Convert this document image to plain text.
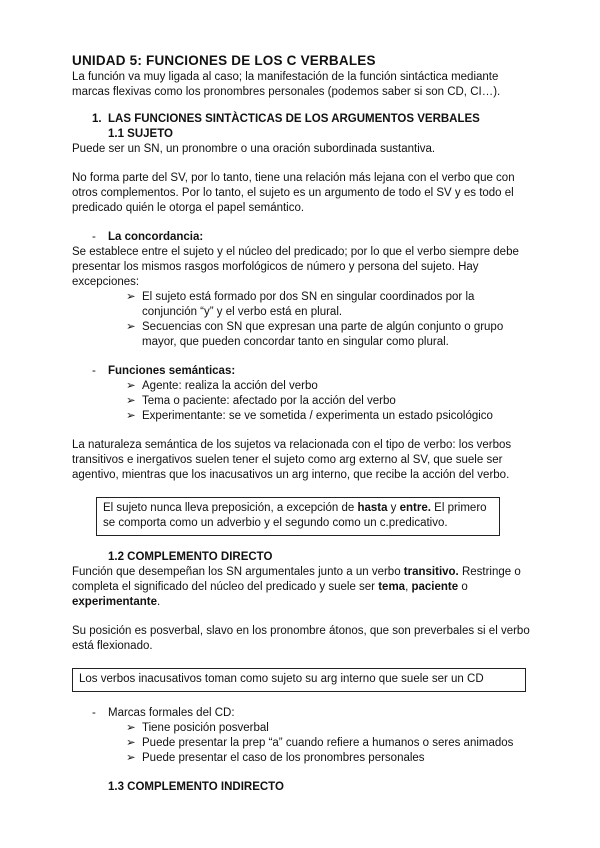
UNIDAD 5: FUNCIONES DE LOS C VERBALES

La función va muy ligada al caso; la manifestación de la función sintáctica mediante marcas flexivas como los pronombres personales (podemos saber si son CD, CI…).

1. LAS FUNCIONES SINTÀCTICAS DE LOS ARGUMENTOS VERBALES
1.1 SUJETO

Puede ser un SN, un pronombre o una oración subordinada sustantiva.

No forma parte del SV, por lo tanto, tiene una relación más lejana con el verbo que con otros complementos. Por lo tanto, el sujeto es un argumento de todo el SV y es todo el predicado quién le otorga el papel semántico.

-	La concordancia:

Se establece entre el sujeto y el núcleo del predicado; por lo que el verbo siempre debe presentar los mismos rasgos morfológicos de número y persona del sujeto. Hay excepciones:

➢ El sujeto está formado por dos SN en singular coordinados por la conjunción “y” y el verbo está en plural.
➢ Secuencias con SN que expresan una parte de algún conjunto o grupo mayor, que pueden concordar tanto en singular como plural.
-	Funciones semánticas:
➢ Agente: realiza la acción del verbo
➢ Tema o paciente: afectado por la acción del verbo
➢ Experimentante: se ve sometida / experimenta un estado psicológico

La naturaleza semántica de los sujetos va relacionada con el tipo de verbo: los verbos transitivos e inergativos suelen tener el sujeto como arg externo al SV, que suele ser agentivo, mientras que los inacusativos un arg interno, que recibe la acción del verbo.

El sujeto nunca lleva preposición, a excepción de hasta y entre. El primero se comporta como un adverbio y el segundo como un c.predicativo.
1.2 COMPLEMENTO DIRECTO

Función que desempeñan los SN argumentales junto a un verbo transitivo. Restringe o completa el significado del núcleo del predicado y suele ser tema, paciente o experimentante.

Su posición es posverbal, slavo en los pronombre átonos, que son preverbales si el verbo está flexionado.

Los verbos inacusativos toman como sujeto su arg interno que suele ser un CD
-	Marcas formales del CD:
➢ Tiene posición posverbal
➢ Puede presentar la prep “a” cuando refiere a humanos o seres animados
➢ Puede presentar el caso de los pronombres personales
1.3 COMPLEMENTO INDIRECTO
